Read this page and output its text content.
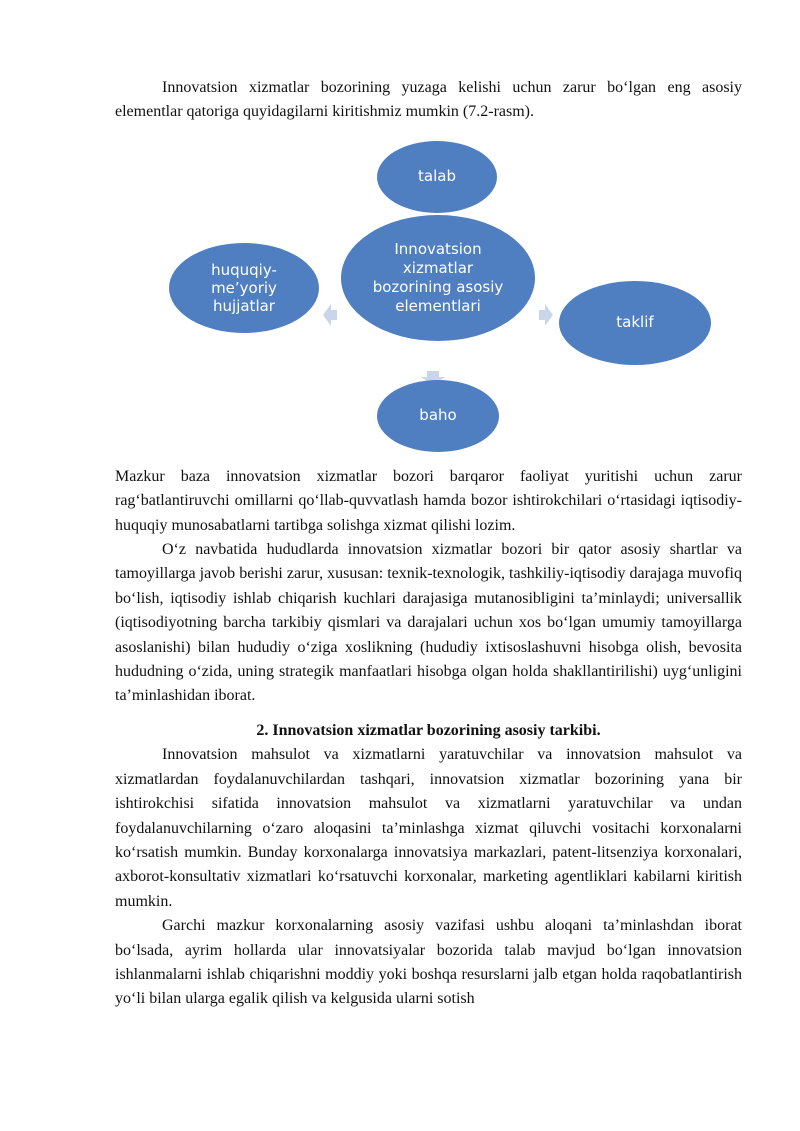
Innovatsion xizmatlar bozorining yuzaga kelishi uchun zarur boʻlgan eng asosiy elementlar qatoriga quyidagilarni kiritishmiz mumkin (7.2-rasm).

talab
Innovatsion xizmatlar bozorining asosiy elementlari
taklif
huquqiy-meʼyoriy hujjatlar
baho

Mazkur baza innovatsion xizmatlar bozori barqaror faoliyat yuritishi uchun zarur ragʻbatlantiruvchi omillarni qoʻllab-quvvatlash hamda bozor ishtirokchilari oʻrtasidagi iqtisodiy-huquqiy munosabatlarni tartibga solishga xizmat qilishi lozim.

Oʻz navbatida hududlarda innovatsion xizmatlar bozori bir qator asosiy shartlar va tamoyillarga javob berishi zarur, xususan: texnik-texnologik, tashkiliy-iqtisodiy darajaga muvofiq boʻlish, iqtisodiy ishlab chiqarish kuchlari darajasiga mutanosibligini taʼminlaydi; universallik (iqtisodiyotning barcha tarkibiy qismlari va darajalari uchun xos boʻlgan umumiy tamoyillarga asoslanishi) bilan hududiy oʻziga xoslikning (hududiy ixtisoslashuvni hisobga olish, bevosita hududning oʻzida, uning strategik manfaatlari hisobga olgan holda shakllantirilishi) uygʻunligini taʼminlashidan iborat.

2. Innovatsion xizmatlar bozorining asosiy tarkibi.

Innovatsion mahsulot va xizmatlarni yaratuvchilar va innovatsion mahsulot va xizmatlardan foydalanuvchilardan tashqari, innovatsion xizmatlar bozorining yana bir ishtirokchisi sifatida innovatsion mahsulot va xizmatlarni yaratuvchilar va undan foydalanuvchilarning oʻzaro aloqasini taʼminlashga xizmat qiluvchi vositachi korxonalarni koʻrsatish mumkin. Bunday korxonalarga innovatsiya markazlari, patent-litsenziya korxonalari, axborot-konsultativ xizmatlari koʻrsatuvchi korxonalar, marketing agentliklari kabilarni kiritish mumkin.

Garchi mazkur korxonalarning asosiy vazifasi ushbu aloqani taʼminlashdan iborat boʻlsada, ayrim hollarda ular innovatsiyalar bozorida talab mavjud boʻlgan innovatsion ishlanmalarni ishlab chiqarishni moddiy yoki boshqa resurslarni jalb etgan holda raqobatlantirish yoʻli bilan ularga egalik qilish va kelgusida ularni sotish
